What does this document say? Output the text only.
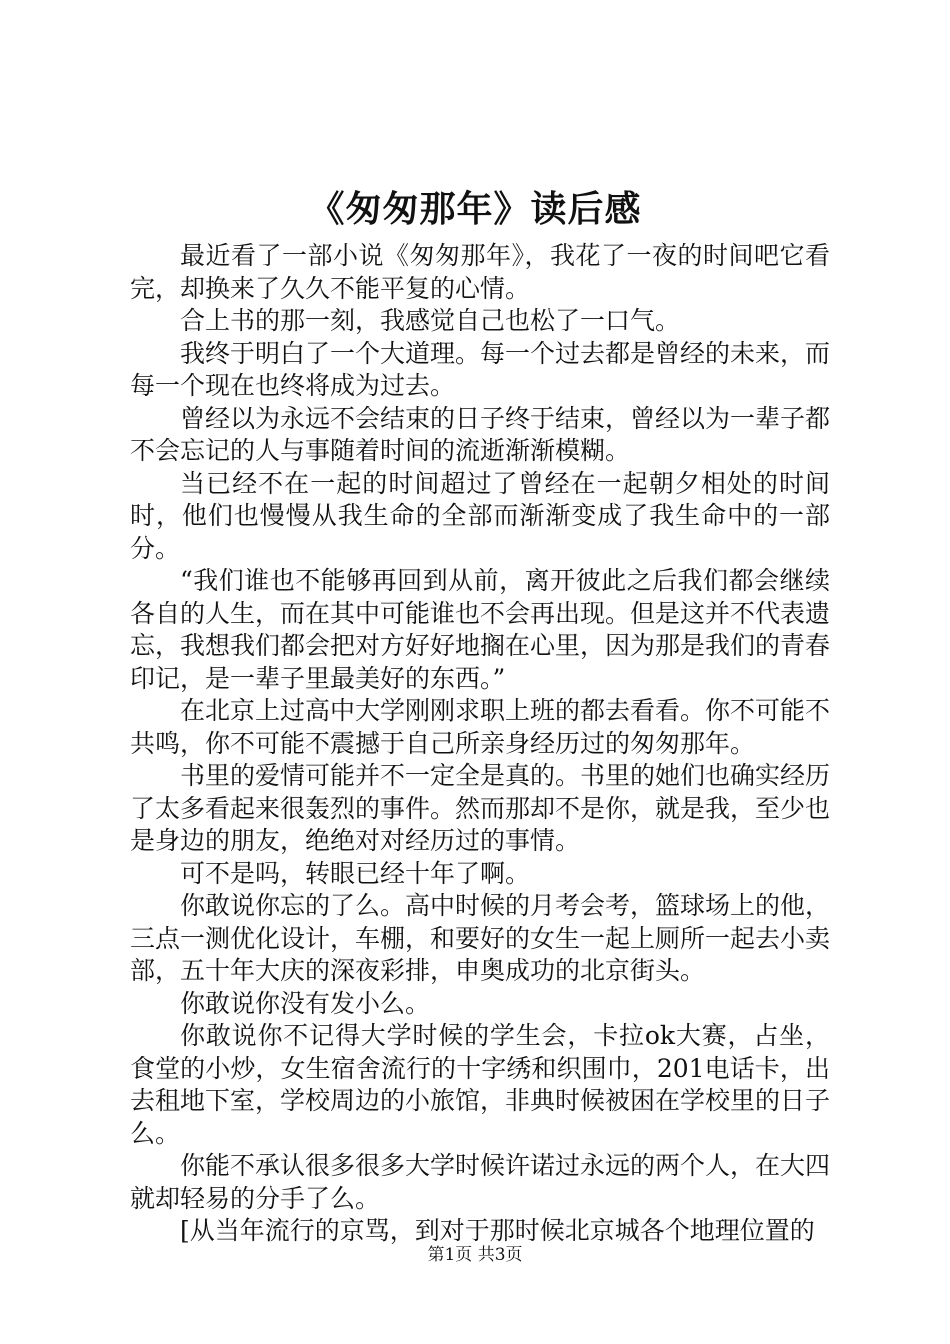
《匆匆那年》读后感

最近看了一部小说《匆匆那年》，我花了一夜的时间吧它看完，却换来了久久不能平复的心情。

合上书的那一刻，我感觉自己也松了一口气。

我终于明白了一个大道理。每一个过去都是曾经的未来，而每一个现在也终将成为过去。

曾经以为永远不会结束的日子终于结束，曾经以为一辈子都不会忘记的人与事随着时间的流逝渐渐模糊。

当已经不在一起的时间超过了曾经在一起朝夕相处的时间时，他们也慢慢从我生命的全部而渐渐变成了我生命中的一部分。

“我们谁也不能够再回到从前，离开彼此之后我们都会继续各自的人生，而在其中可能谁也不会再出现。但是这并不代表遗忘，我想我们都会把对方好好地搁在心里，因为那是我们的青春印记，是一辈子里最美好的东西。”

在北京上过高中大学刚刚求职上班的都去看看。你不可能不共鸣，你不可能不震撼于自己所亲身经历过的匆匆那年。

书里的爱情可能并不一定全是真的。书里的她们也确实经历了太多看起来很轰烈的事件。然而那却不是你，就是我，至少也是身边的朋友，绝绝对对经历过的事情。

可不是吗，转眼已经十年了啊。

你敢说你忘的了么。高中时候的月考会考，篮球场上的他，三点一测优化设计，车棚，和要好的女生一起上厕所一起去小卖部，五十年大庆的深夜彩排，申奥成功的北京街头。

你敢说你没有发小么。

你敢说你不记得大学时候的学生会，卡拉ok大赛，占坐，食堂的小炒，女生宿舍流行的十字绣和织围巾，201电话卡，出去租地下室，学校周边的小旅馆，非典时候被困在学校里的日子么。

你能不承认很多很多大学时候许诺过永远的两个人，在大四就却轻易的分手了么。

[从当年流行的京骂，到对于那时候北京城各个地理位置的

第1页 共3页
